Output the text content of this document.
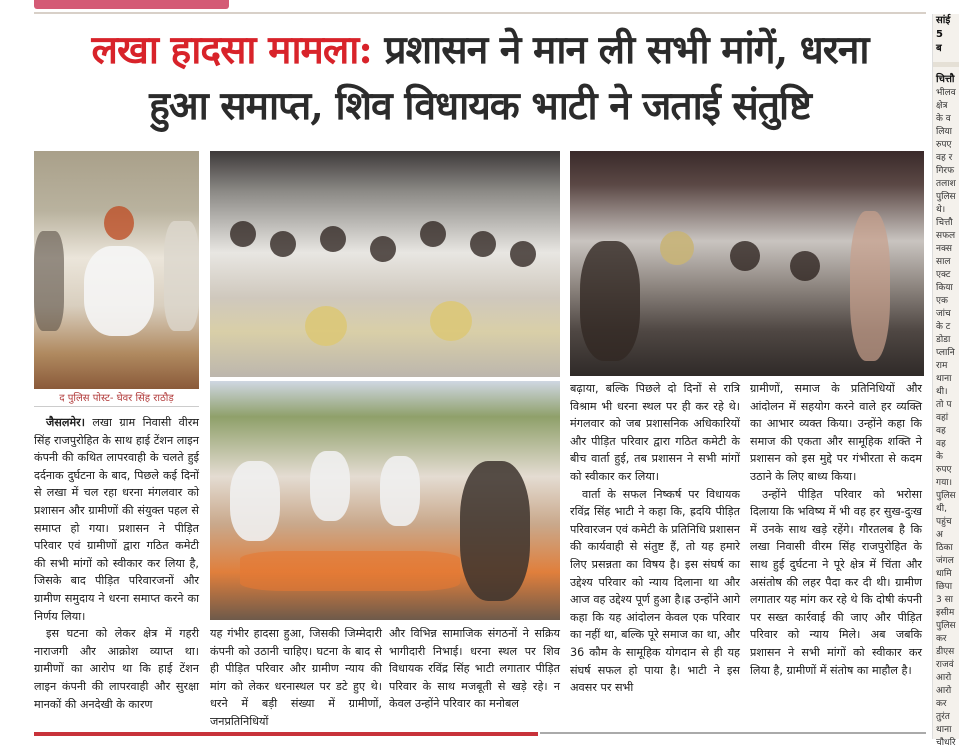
लखा हादसा मामला: प्रशासन ने मान ली सभी मांगें, धरना
हुआ समाप्त, शिव विधायक भाटी ने जताई संतुष्टि
द पुलिस पोस्ट- घेवर सिंह राठौड़

जैसलमेर। लखा ग्राम निवासी वीरम सिंह राजपुरोहित के साथ हाई टेंशन लाइन कंपनी की कथित लापरवाही के चलते हुई दर्दनाक दुर्घटना के बाद, पिछले कई दिनों से लखा में चल रहा धरना मंगलवार को प्रशासन और ग्रामीणों की संयुक्त पहल से समाप्त हो गया। प्रशासन ने पीड़ित परिवार एवं ग्रामीणों द्वारा गठित कमेटी की सभी मांगों को स्वीकार कर लिया है, जिसके बाद पीड़ित परिवारजनों और ग्रामीण समुदाय ने धरना समाप्त करने का निर्णय लिया।

इस घटना को लेकर क्षेत्र में गहरी नाराजगी और आक्रोश व्याप्त था। ग्रामीणों का आरोप था कि हाई टेंशन लाइन कंपनी की लापरवाही और सुरक्षा मानकों की अनदेखी के कारण

यह गंभीर हादसा हुआ, जिसकी जिम्मेदारी कंपनी को उठानी चाहिए। घटना के बाद से ही पीड़ित परिवार और ग्रामीण न्याय की मांग को लेकर धरनास्थल पर डटे हुए थे। धरने में बड़ी संख्या में ग्रामीणों, जनप्रतिनिधियों

और विभिन्न सामाजिक संगठनों ने सक्रिय भागीदारी निभाई। धरना स्थल पर शिव विधायक रविंद्र सिंह भाटी लगातार पीड़ित परिवार के साथ मजबूती से खड़े रहे। न केवल उन्होंने परिवार का मनोबल

बढ़ाया, बल्कि पिछले दो दिनों से रात्रि विश्राम भी धरना स्थल पर ही कर रहे थे। मंगलवार को जब प्रशासनिक अधिकारियों और पीड़ित परिवार द्वारा गठित कमेटी के बीच वार्ता हुई, तब प्रशासन ने सभी मांगों को स्वीकार कर लिया।

वार्ता के सफल निष्कर्ष पर विधायक रविंद्र सिंह भाटी ने कहा कि, ह्रदयि पीड़ित परिवारजन एवं कमेटी के प्रतिनिधि प्रशासन की कार्यवाही से संतुष्ट हैं, तो यह हमारे लिए प्रसन्नता का विषय है। इस संघर्ष का उद्देश्य परिवार को न्याय दिलाना था और आज वह उद्देश्य पूर्ण हुआ है।ह्र उन्होंने आगे कहा कि यह आंदोलन केवल एक परिवार का नहीं था, बल्कि पूरे समाज का था, और 36 कौम के सामूहिक योगदान से ही यह संघर्ष सफल हो पाया है। भाटी ने इस अवसर पर सभी

ग्रामीणों, समाज के प्रतिनिधियों और आंदोलन में सहयोग करने वाले हर व्यक्ति का आभार व्यक्त किया। उन्होंने कहा कि समाज की एकता और सामूहिक शक्ति ने प्रशासन को इस मुद्दे पर गंभीरता से कदम उठाने के लिए बाध्य किया।

उन्होंने पीड़ित परिवार को भरोसा दिलाया कि भविष्य में भी वह हर सुख-दुःख में उनके साथ खड़े रहेंगे। गौरतलब है कि लखा निवासी वीरम सिंह राजपुरोहित के साथ हुई दुर्घटना ने पूरे क्षेत्र में चिंता और असंतोष की लहर पैदा कर दी थी। ग्रामीण लगातार यह मांग कर रहे थे कि दोषी कंपनी पर सख्त कार्रवाई की जाए और पीड़ित परिवार को न्याय मिले। अब जबकि प्रशासन ने सभी मांगों को स्वीकार कर लिया है, ग्रामीणों में संतोष का माहौल है।

सांई
5
ब
चित्तौ
भीलव
क्षेत्र
के व
लिया
रुपए
वह र
गिरफ
तलाश
पुलिस
थे।
चित्तौ
सफल
नक्स
साल
एक्ट
किया
एक
जांच
के ट
डोडा
प्लानि
राम
थाना
थी।
तो प
वहां
वह
वह
के
रुपए
गया।
पुलिस
थी,
पहुंच
अ
ठिका
जंगल
धामि
छिपा
3 सा
इसीम
पुलिस
कर
डीएस
राजवं
आरो
आरो
कर
तुरंत
थाना
चौधरि
